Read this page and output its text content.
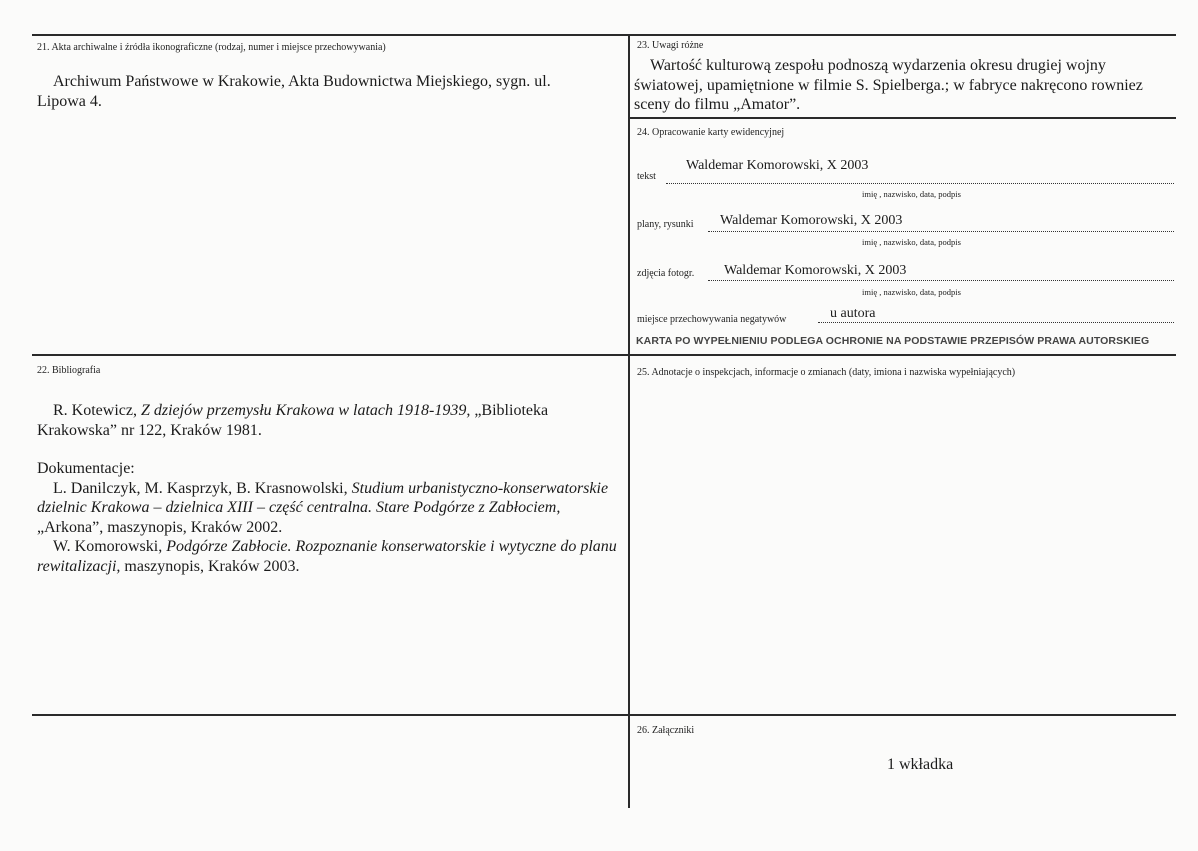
21. Akta archiwalne i źródła ikonograficzne (rodzaj, numer i miejsce przechowywania)
Archiwum Państwowe w Krakowie, Akta Budownictwa Miejskiego, sygn. ul. Lipowa 4.
23. Uwagi różne
Wartość kulturową zespołu podnoszą wydarzenia okresu drugiej wojny światowej, upamiętnione w filmie S. Spielberga.; w fabryce nakręcono rowniez sceny do filmu „Amator”.
24. Opracowanie karty ewidencyjnej
tekst
Waldemar Komorowski, X 2003
imię , nazwisko, data, podpis
plany, rysunki Waldemar Komorowski, X 2003
imię , nazwisko, data, podpis
zdjęcia fotogr. Waldemar Komorowski, X 2003
imię , nazwisko, data, podpis
miejsce przechowywania negatywów	u autora
KARTA PO WYPEŁNIENIU PODLEGA OCHRONIE NA PODSTAWIE PRZEPISÓW PRAWA AUTORSKIEG
22. Bibliografia

R. Kotewicz, Z dziejów przemysłu Krakowa w latach 1918-1939, „Biblioteka Krakowska” nr 122, Kraków 1981.

Dokumentacje:

L. Danilczyk, M. Kasprzyk, B. Krasnowolski, Studium urbanistyczno-konserwatorskie dzielnic Krakowa – dzielnica XIII – część centralna. Stare Podgórze z Zabłociem, „Arkona”, maszynopis, Kraków 2002.

W. Komorowski, Podgórze Zabłocie. Rozpoznanie konserwatorskie i wytyczne do planu rewitalizacji, maszynopis, Kraków 2003.

25. Adnotacje o inspekcjach, informacje o zmianach (daty, imiona i nazwiska wypełniających)
26. Załączniki
1 wkładka
